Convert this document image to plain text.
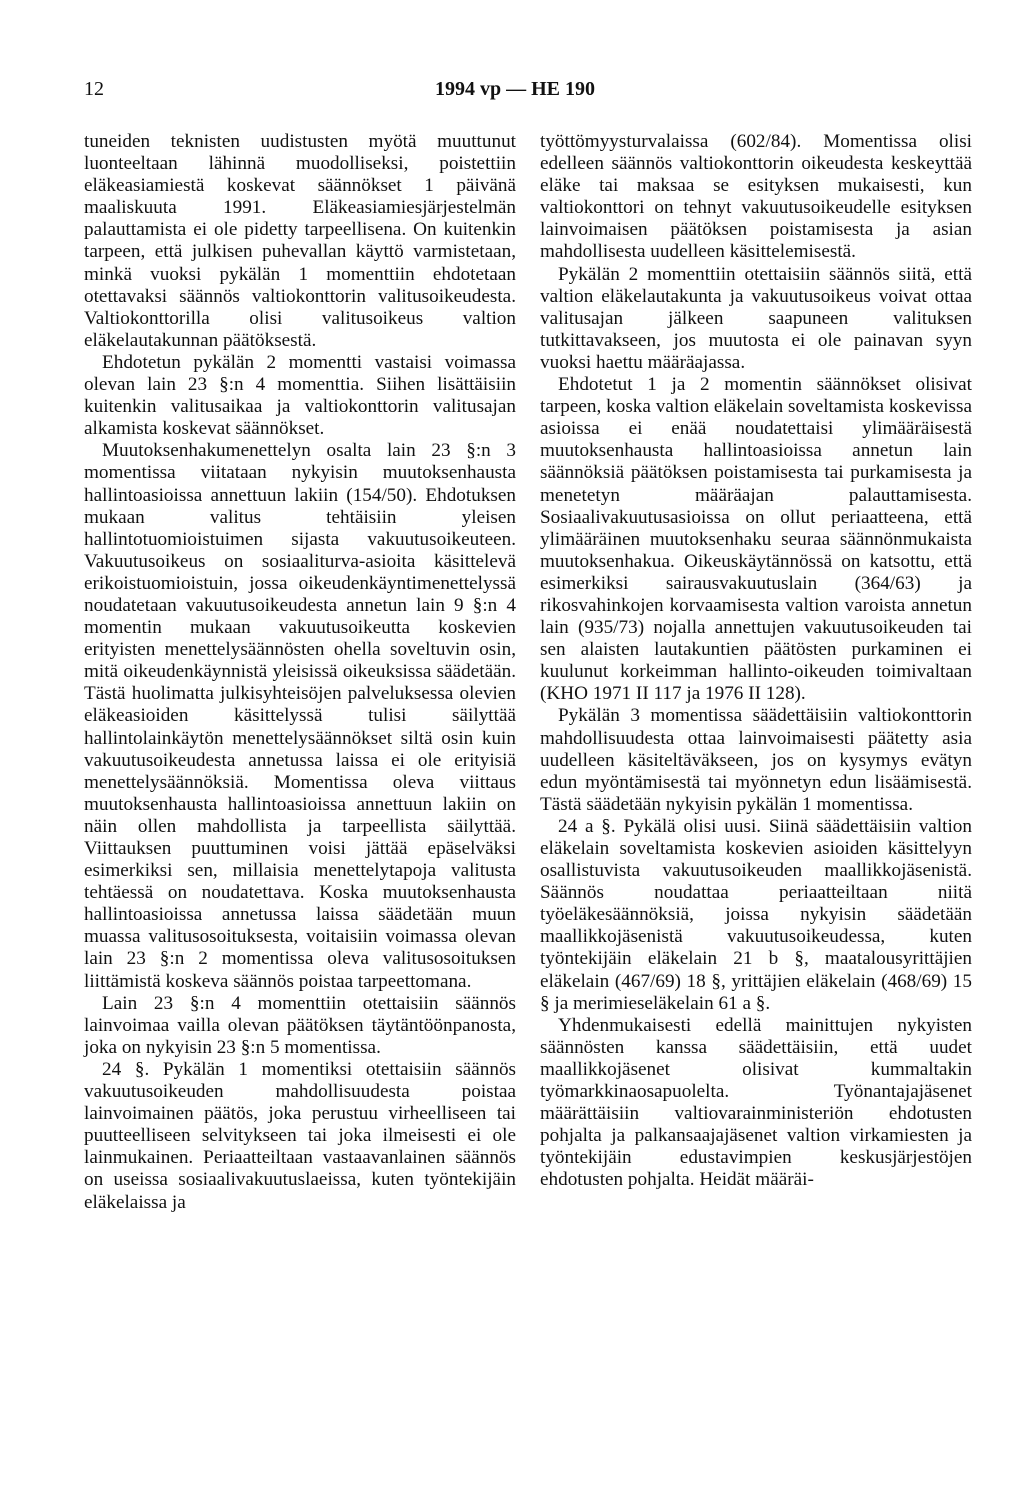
12	1994 vp — HE 190

tuneiden teknisten uudistusten myötä muuttunut luonteeltaan lähinnä muodolliseksi, poistettiin eläkeasiamiestä koskevat säännökset 1 päivänä maaliskuuta 1991. Eläkeasiamiesjärjestelmän palauttamista ei ole pidetty tarpeellisena. On kuitenkin tarpeen, että julkisen puhevallan käyttö varmistetaan, minkä vuoksi pykälän 1 momenttiin ehdotetaan otettavaksi säännös valtiokonttorin valitusoikeudesta. Valtiokonttorilla olisi valitusoikeus valtion eläkelautakunnan päätöksestä.

Ehdotetun pykälän 2 momentti vastaisi voimassa olevan lain 23 §:n 4 momenttia. Siihen lisättäisiin kuitenkin valitusaikaa ja valtiokonttorin valitusajan alkamista koskevat säännökset.

Muutoksenhakumenettelyn osalta lain 23 §:n 3 momentissa viitataan nykyisin muutoksenhausta hallintoasioissa annettuun lakiin (154/50). Ehdotuksen mukaan valitus tehtäisiin yleisen hallintotuomioistuimen sijasta vakuutusoikeuteen. Vakuutusoikeus on sosiaaliturva-asioita käsittelevä erikoistuomioistuin, jossa oikeudenkäyntimenettelyssä noudatetaan vakuutusoikeudesta annetun lain 9 §:n 4 momentin mukaan vakuutusoikeutta koskevien erityisten menettelysäännösten ohella soveltuvin osin, mitä oikeudenkäynnistä yleisissä oikeuksissa säädetään. Tästä huolimatta julkisyhteisöjen palveluksessa olevien eläkeasioiden käsittelyssä tulisi säilyttää hallintolainkäytön menettelysäännökset siltä osin kuin vakuutusoikeudesta annetussa laissa ei ole erityisiä menettelysäännöksiä. Momentissa oleva viittaus muutoksenhausta hallintoasioissa annettuun lakiin on näin ollen mahdollista ja tarpeellista säilyttää. Viittauksen puuttuminen voisi jättää epäselväksi esimerkiksi sen, millaisia menettelytapoja valitusta tehtäessä on noudatettava. Koska muutoksenhausta hallintoasioissa annetussa laissa säädetään muun muassa valitusosoituksesta, voitaisiin voimassa olevan lain 23 §:n 2 momentissa oleva valitusosoituksen liittämistä koskeva säännös poistaa tarpeettomana.

Lain 23 §:n 4 momenttiin otettaisiin säännös lainvoimaa vailla olevan päätöksen täytäntöönpanosta, joka on nykyisin 23 §:n 5 momentissa.

24 §. Pykälän 1 momentiksi otettaisiin säännös vakuutusoikeuden mahdollisuudesta poistaa lainvoimainen päätös, joka perustuu virheelliseen tai puutteelliseen selvitykseen tai joka ilmeisesti ei ole lainmukainen. Periaatteiltaan vastaavanlainen säännös on useissa sosiaalivakuutuslaeissa, kuten työntekijäin eläkelaissa ja

työttömyysturvalaissa (602/84). Momentissa olisi edelleen säännös valtiokonttorin oikeudesta keskeyttää eläke tai maksaa se esityksen mukaisesti, kun valtiokonttori on tehnyt vakuutusoikeudelle esityksen lainvoimaisen päätöksen poistamisesta ja asian mahdollisesta uudelleen käsittelemisestä.

Pykälän 2 momenttiin otettaisiin säännös siitä, että valtion eläkelautakunta ja vakuutusoikeus voivat ottaa valitusajan jälkeen saapuneen valituksen tutkittavakseen, jos muutosta ei ole painavan syyn vuoksi haettu määräajassa.

Ehdotetut 1 ja 2 momentin säännökset olisivat tarpeen, koska valtion eläkelain soveltamista koskevissa asioissa ei enää noudatettaisi ylimääräisestä muutoksenhausta hallintoasioissa annetun lain säännöksiä päätöksen poistamisesta tai purkamisesta ja menetetyn määräajan palauttamisesta. Sosiaalivakuutusasioissa on ollut periaatteena, että ylimääräinen muutoksenhaku seuraa säännönmukaista muutoksenhakua. Oikeuskäytännössä on katsottu, että esimerkiksi sairausvakuutuslain (364/63) ja rikosvahinkojen korvaamisesta valtion varoista annetun lain (935/73) nojalla annettujen vakuutusoikeuden tai sen alaisten lautakuntien päätösten purkaminen ei kuulunut korkeimman hallinto-oikeuden toimivaltaan (KHO 1971 II 117 ja 1976 II 128).

Pykälän 3 momentissa säädettäisiin valtiokonttorin mahdollisuudesta ottaa lainvoimaisesti päätetty asia uudelleen käsiteltäväkseen, jos on kysymys evätyn edun myöntämisestä tai myönnetyn edun lisäämisestä. Tästä säädetään nykyisin pykälän 1 momentissa.

24 a §. Pykälä olisi uusi. Siinä säädettäisiin valtion eläkelain soveltamista koskevien asioiden käsittelyyn osallistuvista vakuutusoikeuden maallikkojäsenistä. Säännös noudattaa periaatteiltaan niitä työeläkesäännöksiä, joissa nykyisin säädetään maallikkojäsenistä vakuutusoikeudessa, kuten työntekijäin eläkelain 21 b §, maatalousyrittäjien eläkelain (467/69) 18 §, yrittäjien eläkelain (468/69) 15 § ja merimieseläkelain 61 a §.

Yhdenmukaisesti edellä mainittujen nykyisten säännösten kanssa säädettäisiin, että uudet maallikkojäsenet olisivat kummaltakin työmarkkinaosapuolelta. Työnantajajäsenet määrättäisiin valtiovarainministeriön ehdotusten pohjalta ja palkansaajajäsenet valtion virkamiesten ja työntekijäin edustavimpien keskusjärjestöjen ehdotusten pohjalta. Heidät määräi-
